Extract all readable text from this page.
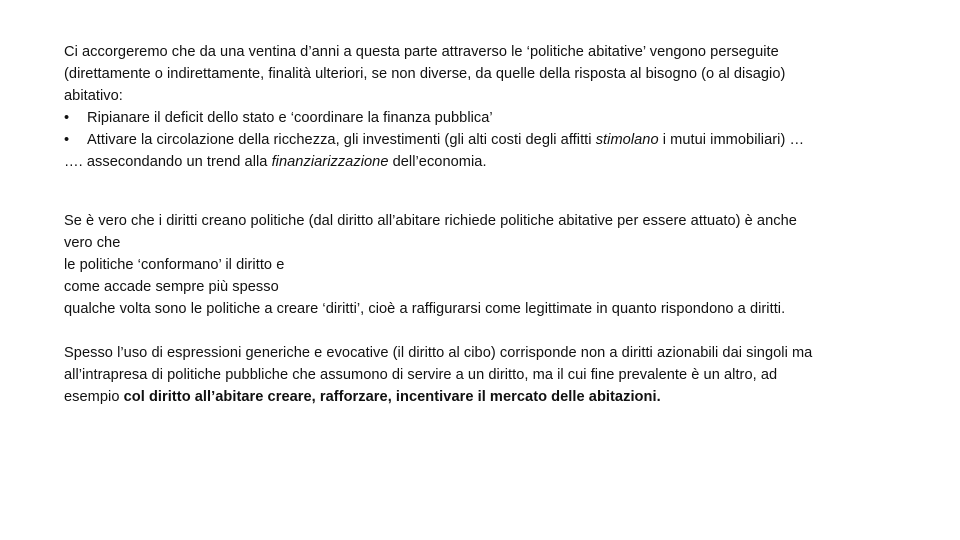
Ci accorgeremo che da una ventina d’anni a questa parte attraverso le ‘politiche abitative’ vengono perseguite
(direttamente o indirettamente, finalità ulteriori, se non diverse, da quelle della risposta al bisogno (o al disagio)
abitativo:
• Ripianare il deficit dello stato e ‘coordinare la finanza pubblica’
• Attivare la circolazione della ricchezza, gli investimenti (gli alti costi degli affitti stimolano i mutui immobiliari) …
…. assecondando un trend alla finanziarizzazione dell’economia.
Se è vero che i diritti creano politiche (dal diritto all’abitare richiede politiche abitative per essere attuato) è anche
vero che
le politiche ‘conformano’ il diritto e
come accade sempre più spesso
qualche volta sono le politiche a creare ‘diritti’, cioè a raffigurarsi come legittimate in quanto rispondono a diritti.
Spesso l’uso di espressioni generiche e evocative (il diritto al cibo) corrisponde non a diritti azionabili dai singoli ma
all’intrapresa di politiche pubbliche che assumono di servire a un diritto, ma il cui fine prevalente è un altro, ad
esempio col diritto all’abitare creare, rafforzare, incentivare il mercato delle abitazioni.
